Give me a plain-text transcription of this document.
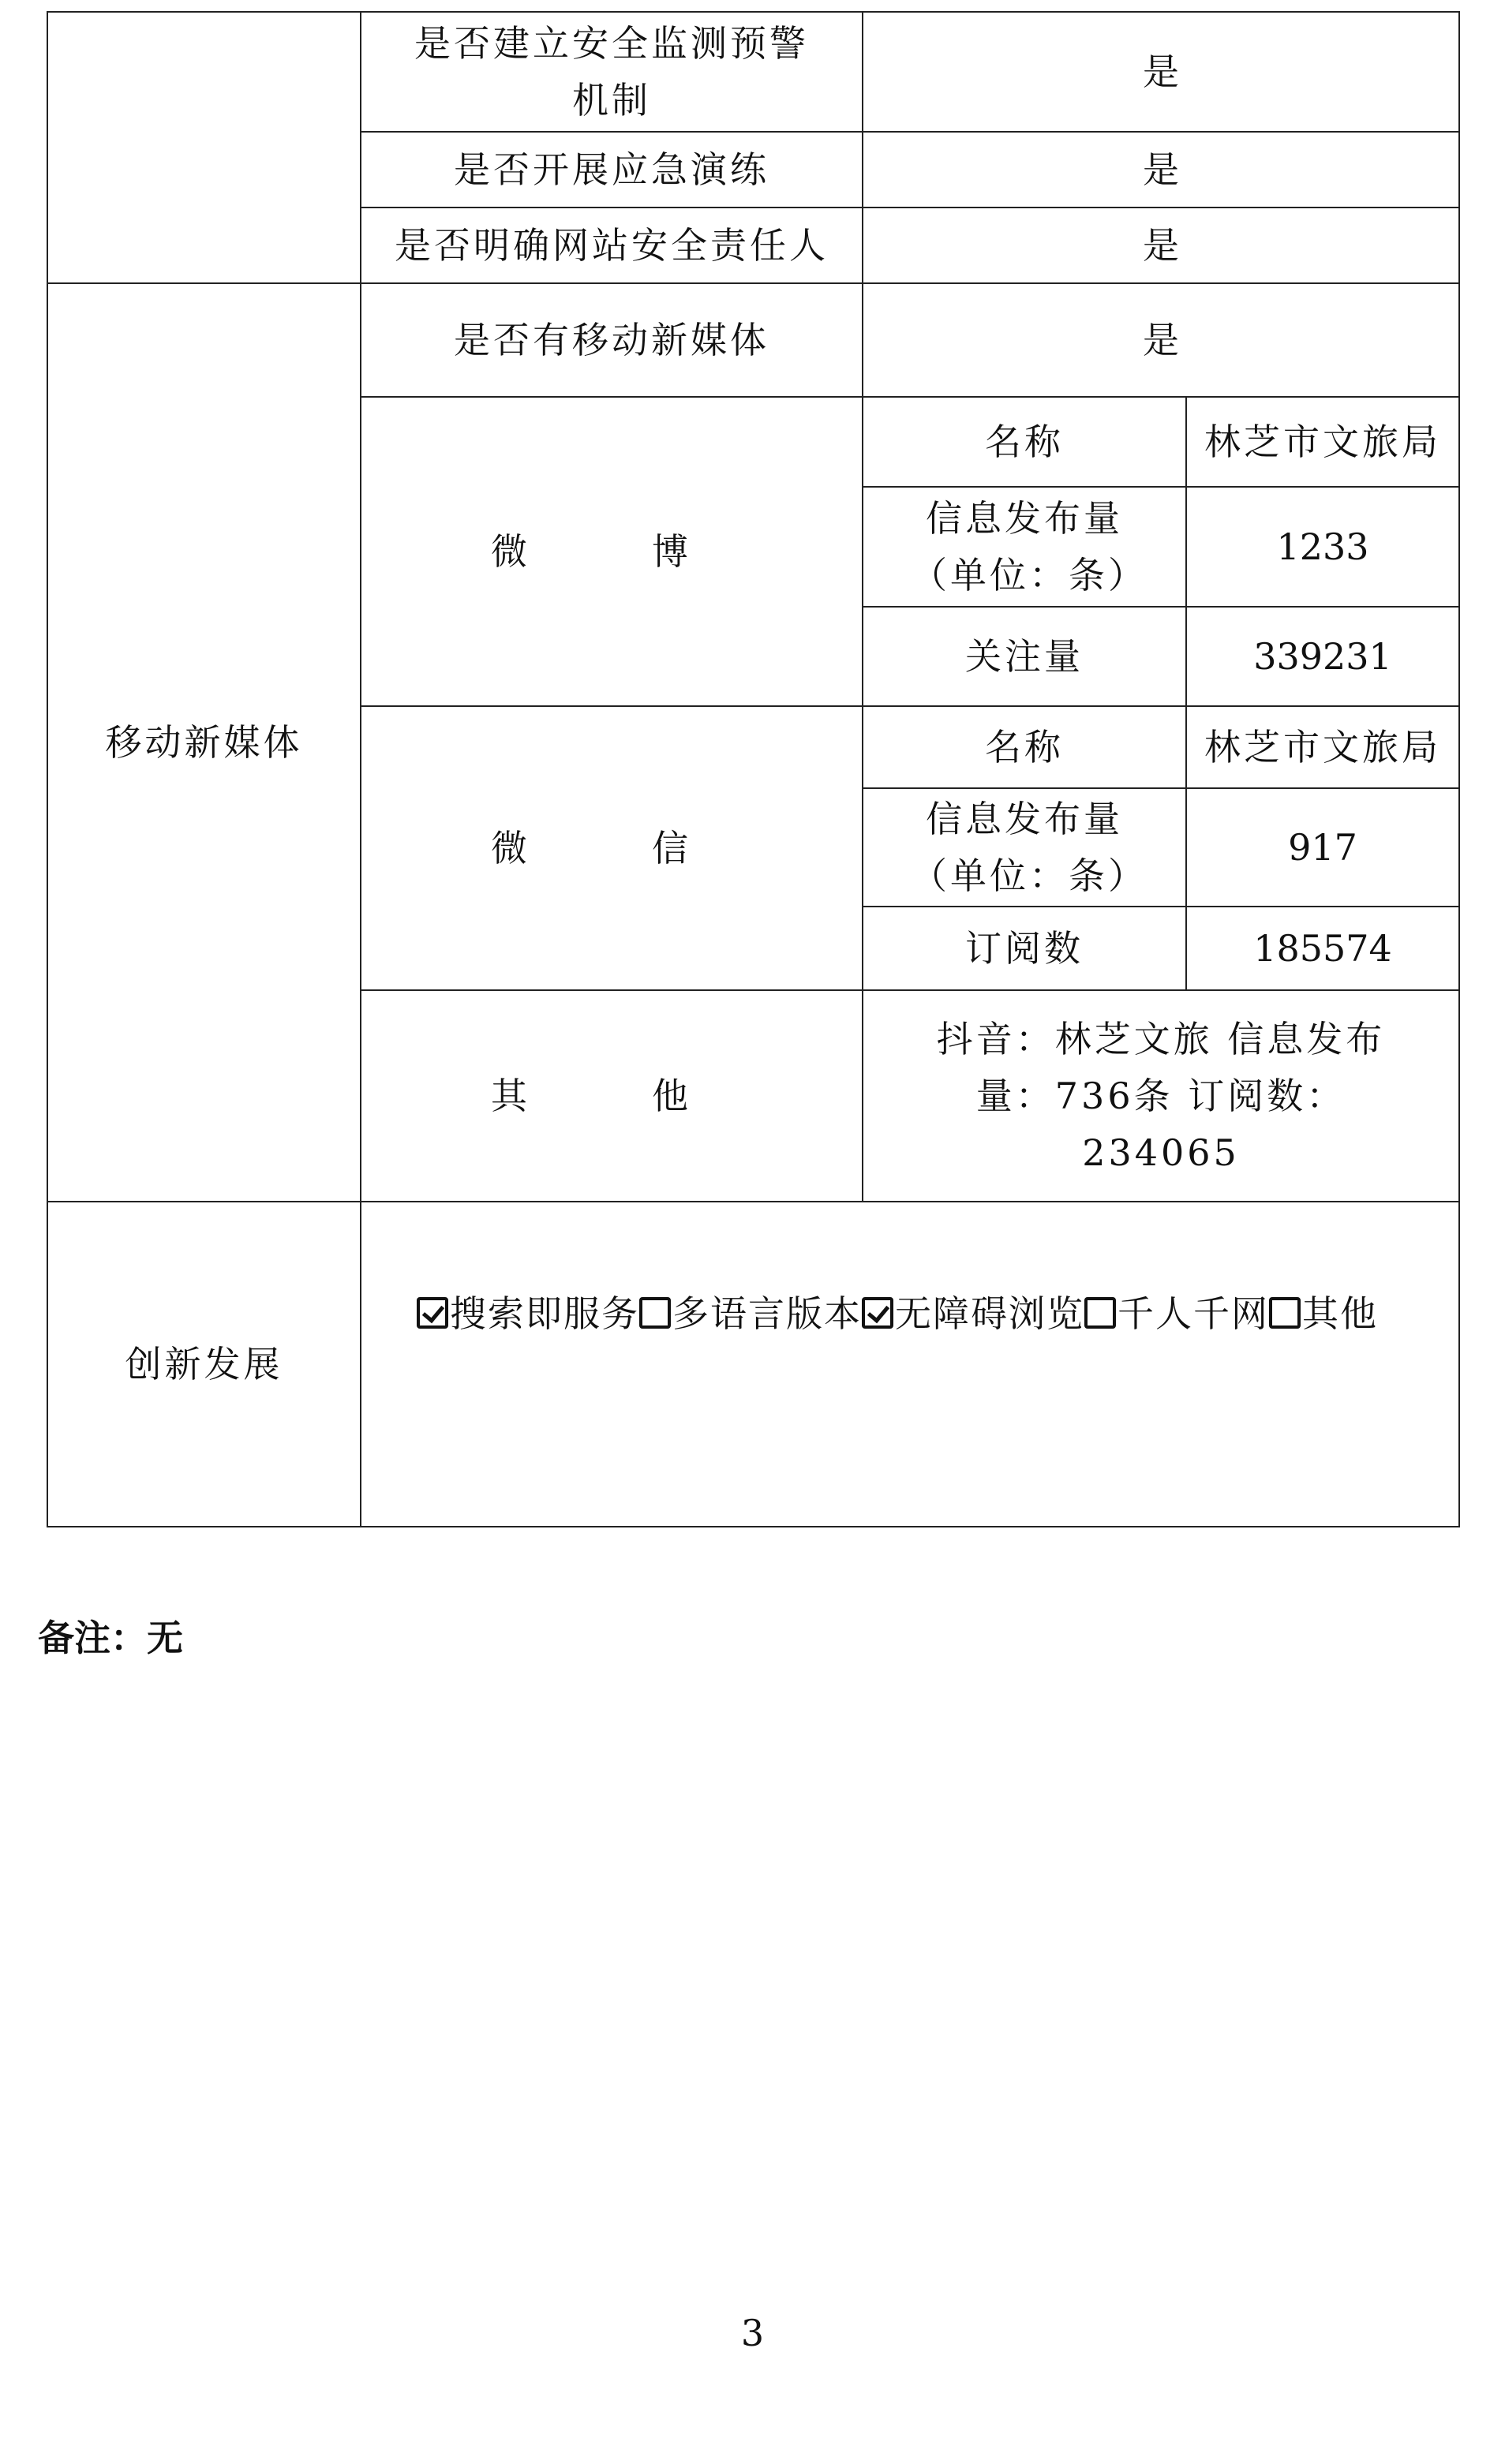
	是否建立安全监测预警机制	是	
	是否开展应急演练	是	
	是否明确网站安全责任人	是	
移动新媒体	是否有移动新媒体	是	
	微　博	名称	林芝市文旅局
		信息发布量（单位：条）	1233
		关注量	339231
	微　信	名称	林芝市文旅局
		信息发布量（单位：条）	917
		订阅数	185574
	其　他	抖音：林芝文旅 信息发布量：736条 订阅数：234065	
创新发展	搜索即服务 多语言版本 无障碍浏览 千人千网 其他		
备注：无
3
